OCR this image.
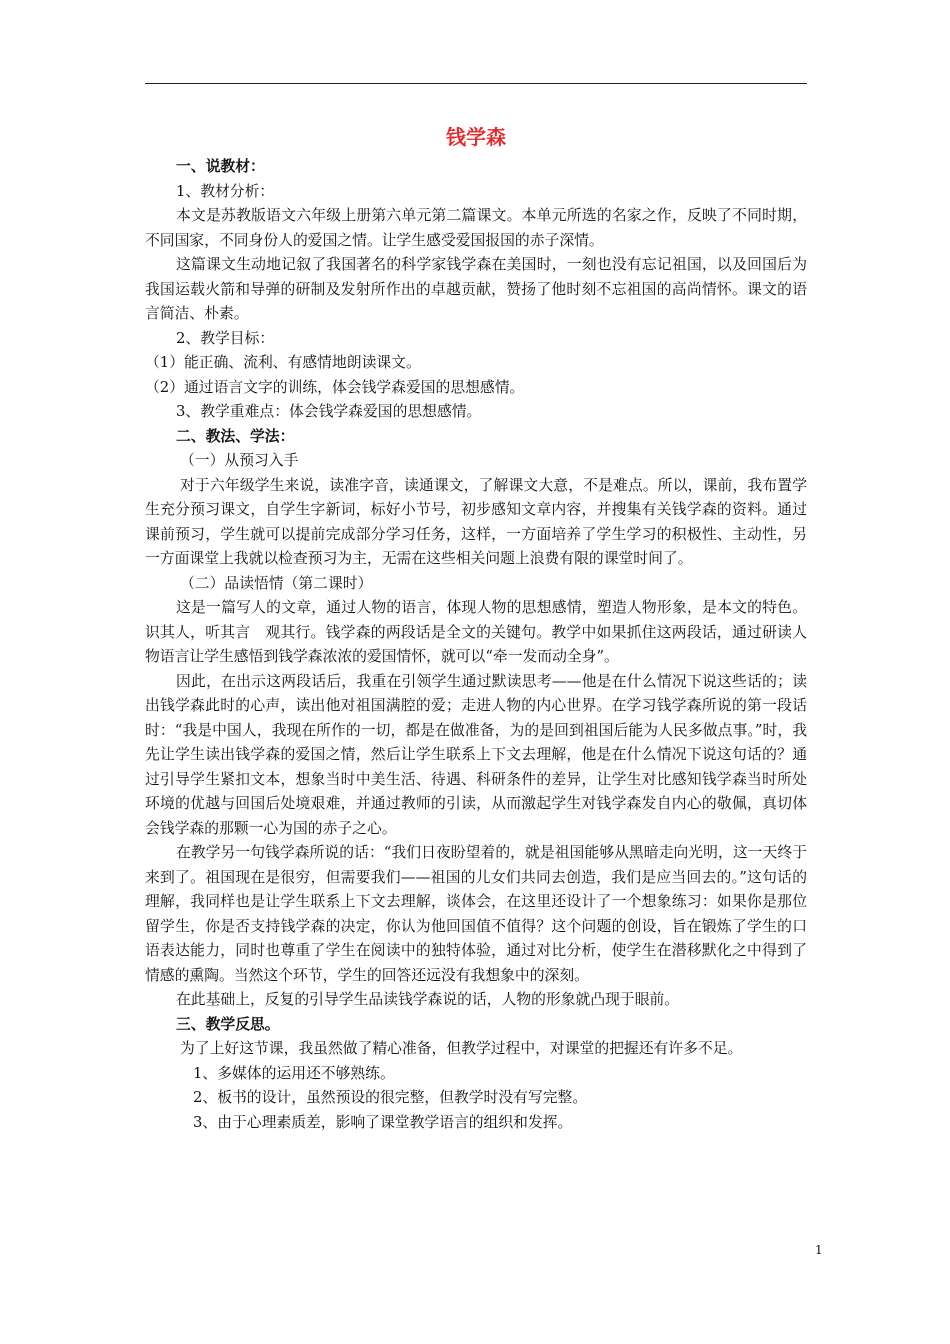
钱学森

一、说教材：

1、教材分析：

本文是苏教版语文六年级上册第六单元第二篇课文。本单元所选的名家之作，反映了不同时期，不同国家，不同身份人的爱国之情。让学生感受爱国报国的赤子深情。

这篇课文生动地记叙了我国著名的科学家钱学森在美国时，一刻也没有忘记祖国，以及回国后为我国运载火箭和导弹的研制及发射所作出的卓越贡献，赞扬了他时刻不忘祖国的高尚情怀。课文的语言简洁、朴素。

2、教学目标：

（1）能正确、流利、有感情地朗读课文。

（2）通过语言文字的训练，体会钱学森爱国的思想感情。

3、教学重难点：体会钱学森爱国的思想感情。

二、教法、学法：

（一）从预习入手

对于六年级学生来说，读准字音，读通课文，了解课文大意，不是难点。所以，课前，我布置学生充分预习课文，自学生字新词，标好小节号，初步感知文章内容，并搜集有关钱学森的资料。通过课前预习，学生就可以提前完成部分学习任务，这样，一方面培养了学生学习的积极性、主动性，另一方面课堂上我就以检查预习为主，无需在这些相关问题上浪费有限的课堂时间了。

（二）品读悟情（第二课时）

这是一篇写人的文章，通过人物的语言，体现人物的思想感情，塑造人物形象，是本文的特色。识其人，听其言　观其行。钱学森的两段话是全文的关键句。教学中如果抓住这两段话，通过研读人物语言让学生感悟到钱学森浓浓的爱国情怀，就可以“牵一发而动全身”。

因此，在出示这两段话后，我重在引领学生通过默读思考——他是在什么情况下说这些话的；读出钱学森此时的心声，读出他对祖国满腔的爱；走进人物的内心世界。在学习钱学森所说的第一段话时：“我是中国人，我现在所作的一切，都是在做准备，为的是回到祖国后能为人民多做点事。”时，我先让学生读出钱学森的爱国之情，然后让学生联系上下文去理解，他是在什么情况下说这句话的？通过引导学生紧扣文本，想象当时中美生活、待遇、科研条件的差异，让学生对比感知钱学森当时所处环境的优越与回国后处境艰难，并通过教师的引读，从而激起学生对钱学森发自内心的敬佩，真切体会钱学森的那颗一心为国的赤子之心。

在教学另一句钱学森所说的话：“我们日夜盼望着的，就是祖国能够从黑暗走向光明，这一天终于来到了。祖国现在是很穷，但需要我们——祖国的儿女们共同去创造，我们是应当回去的。”这句话的理解，我同样也是让学生联系上下文去理解，谈体会，在这里还设计了一个想象练习：如果你是那位留学生，你是否支持钱学森的决定，你认为他回国值不值得？这个问题的创设，旨在锻炼了学生的口语表达能力，同时也尊重了学生在阅读中的独特体验，通过对比分析，使学生在潜移默化之中得到了情感的熏陶。当然这个环节，学生的回答还远没有我想象中的深刻。

在此基础上，反复的引导学生品读钱学森说的话，人物的形象就凸现于眼前。

三、教学反思。

为了上好这节课，我虽然做了精心准备，但教学过程中，对课堂的把握还有许多不足。

1、多媒体的运用还不够熟练。

2、板书的设计，虽然预设的很完整，但教学时没有写完整。

3、由于心理素质差，影响了课堂教学语言的组织和发挥。

1
